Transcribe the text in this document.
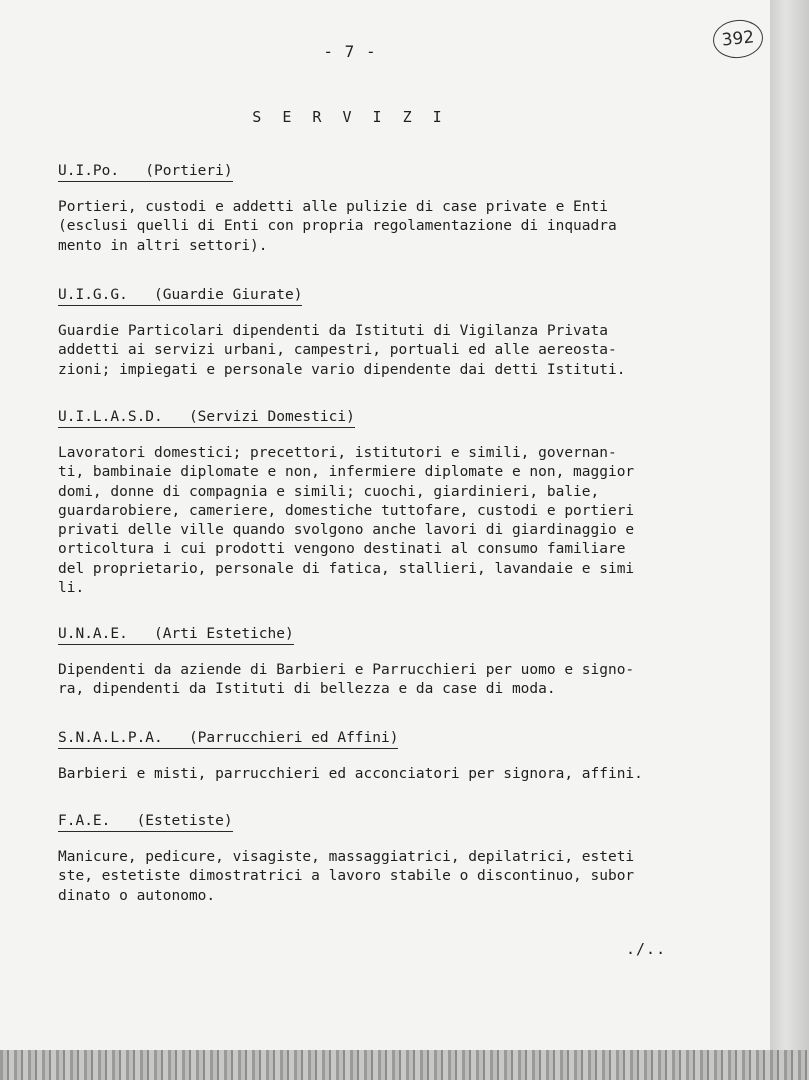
- 7 -
392
S E R V I Z I
U.I.Po.   (Portieri)
Portieri, custodi e addetti alle pulizie di case private e Enti
(esclusi quelli di Enti con propria regolamentazione di inquadra
mento in altri settori).
U.I.G.G.   (Guardie Giurate)
Guardie Particolari dipendenti da Istituti di Vigilanza Privata
addetti ai servizi urbani, campestri, portuali ed alle aereosta-
zioni; impiegati e personale vario dipendente dai detti Istituti.
U.I.L.A.S.D.   (Servizi Domestici)
Lavoratori domestici; precettori, istitutori e simili, governan-
ti, bambinaie diplomate e non, infermiere diplomate e non, maggior
domi, donne di compagnia e simili; cuochi, giardinieri, balie,
guardarobiere, cameriere, domestiche tuttofare, custodi e portieri
privati delle ville quando svolgono anche lavori di giardinaggio e
orticoltura i cui prodotti vengono destinati al consumo familiare
del proprietario, personale di fatica, stallieri, lavandaie e simi
li.
U.N.A.E.   (Arti Estetiche)
Dipendenti da aziende di Barbieri e Parrucchieri per uomo e signo-
ra, dipendenti da Istituti di bellezza e da case di moda.
S.N.A.L.P.A.   (Parrucchieri ed Affini)
Barbieri e misti, parrucchieri ed acconciatori per signora, affini.
F.A.E.   (Estetiste)
Manicure, pedicure, visagiste, massaggiatrici, depilatrici, esteti
ste, estetiste dimostratrici a lavoro stabile o discontinuo, subor
dinato o autonomo.
./..
